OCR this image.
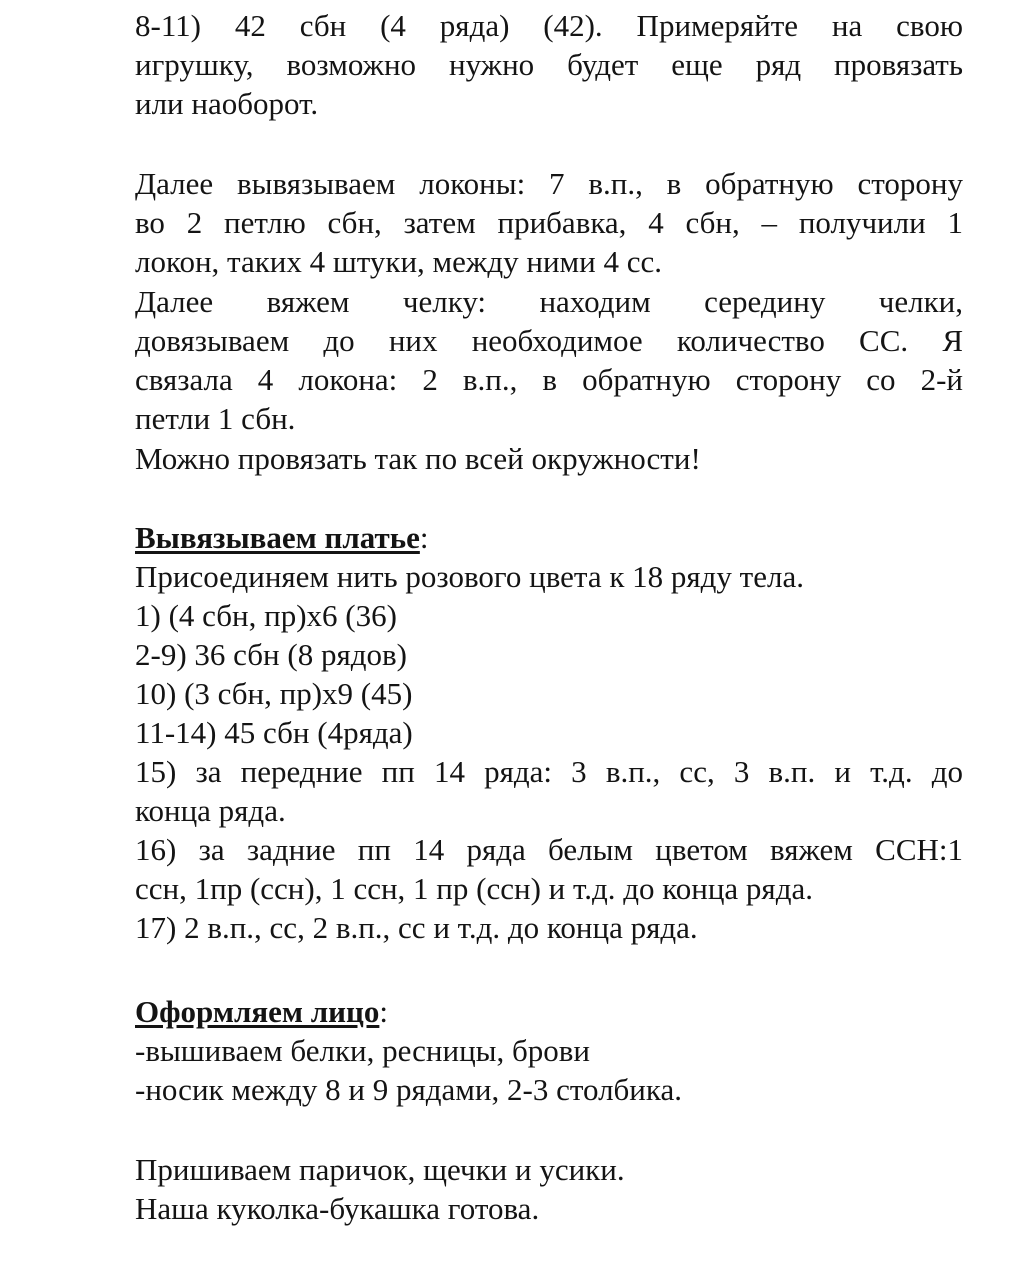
8-11) 42 сбн (4 ряда) (42). Примеряйте на свою
игрушку, возможно нужно будет еще ряд провязать
или наоборот.
Далее вывязываем локоны: 7 в.п., в обратную сторону
во 2 петлю сбн, затем прибавка, 4 сбн, – получили 1
локон, таких 4 штуки, между ними 4 сс.
Далее вяжем челку: находим середину челки,
довязываем до них необходимое количество СС. Я
связала 4 локона: 2 в.п., в обратную сторону со 2-й
петли 1 сбн.
Можно провязать так по всей окружности!
Вывязываем платье:
Присоединяем нить розового цвета к 18 ряду тела.
1) (4 сбн, пр)х6 (36)
2-9) 36 сбн (8 рядов)
10) (3 сбн, пр)х9 (45)
11-14) 45 сбн (4ряда)
15) за передние пп 14 ряда: 3 в.п., сс, 3 в.п. и т.д. до
конца ряда.
16) за задние пп 14 ряда белым цветом вяжем ССН:1
ссн, 1пр (ссн), 1 ссн, 1 пр (ссн) и т.д. до конца ряда.
17) 2 в.п., сс, 2 в.п., сс и т.д. до конца ряда.
Оформляем лицо:
-вышиваем белки, ресницы, брови
-носик между 8 и 9 рядами, 2-3 столбика.
Пришиваем паричок, щечки и усики.
Наша куколка-букашка готова.
